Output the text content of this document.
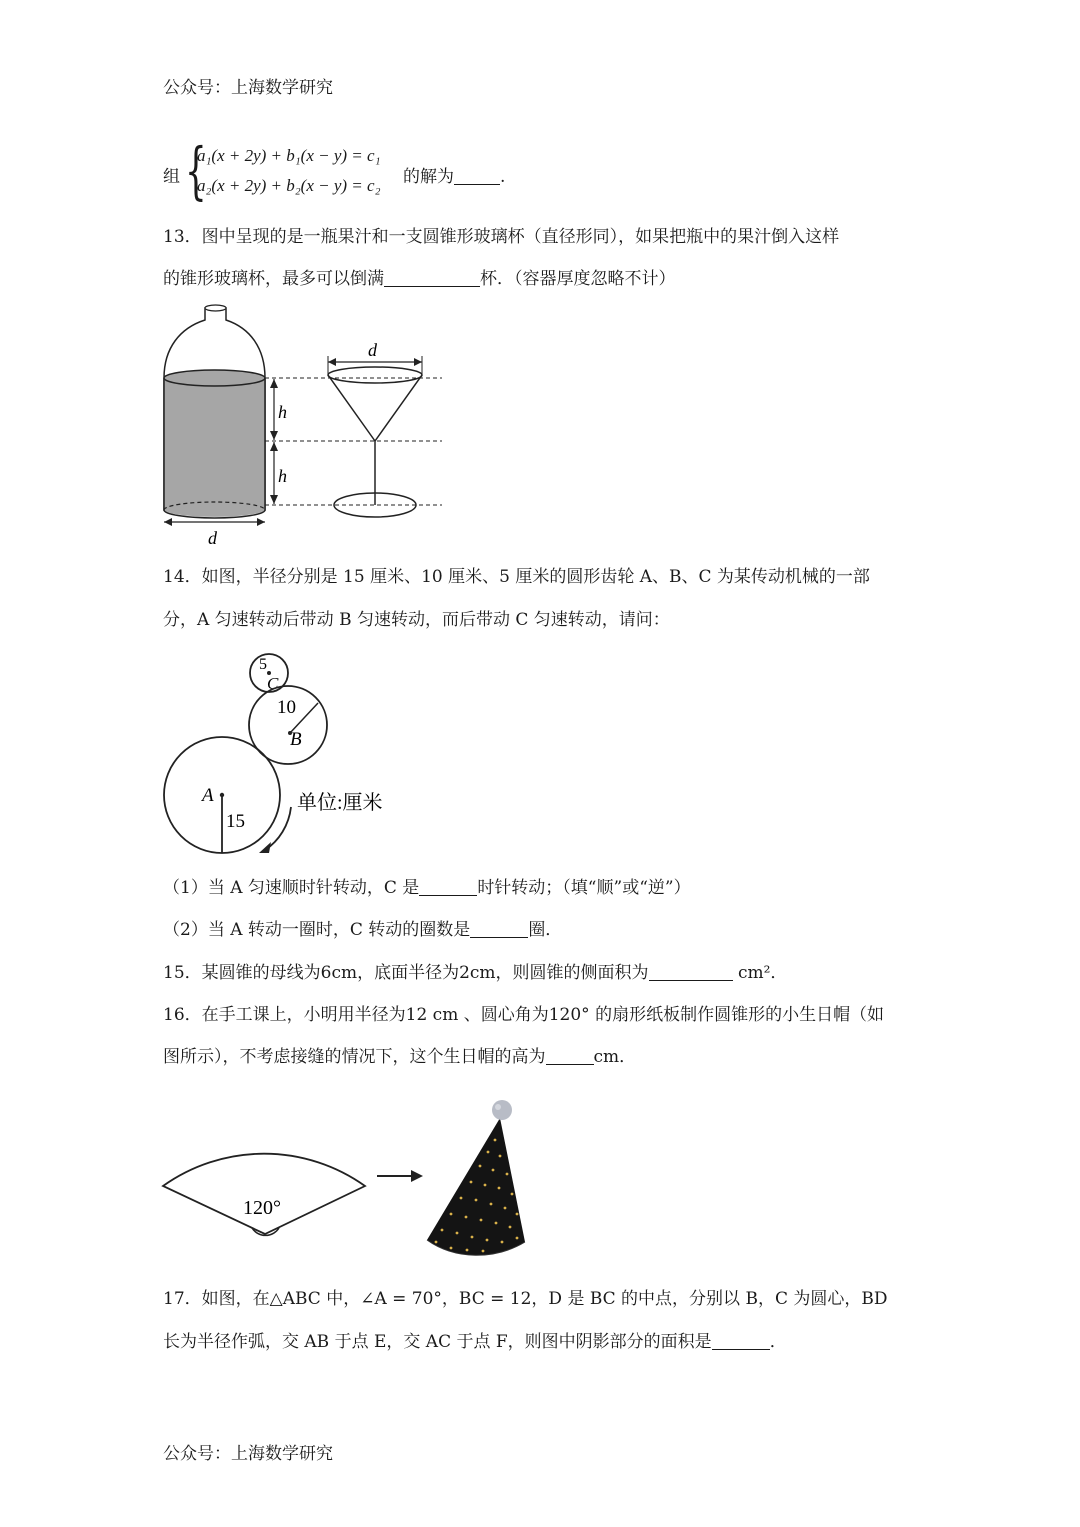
公众号：上海数学研究
组 {
a₁(x + 2y) + b₁(x − y) = c₁
a₂(x + 2y) + b₂(x − y) = c₂ 的解为	.
13．图中呈现的是一瓶果汁和一支圆锥形玻璃杯（直径形同），如果把瓶中的果汁倒入这样
的锥形玻璃杯，最多可以倒满	杯．（容器厚度忽略不计）
d
h
h
d
14．如图，半径分别是 15 厘米、10 厘米、5 厘米的圆形齿轮 A、B、C 为某传动机械的一部
分，A 匀速转动后带动 B 匀速转动，而后带动 C 匀速转动，请问：
5
C
10
B
A
15
单位:厘米
（1）当 A 匀速顺时针转动，C 是	时针转动；（填“顺”或“逆”）
（2）当 A 转动一圈时，C 转动的圈数是	圈．
15．某圆锥的母线为6cm，底面半径为2cm，则圆锥的侧面积为	cm²．
16．在手工课上，小明用半径为12 cm 、圆心角为120° 的扇形纸板制作圆锥形的小生日帽（如
图所示），不考虑接缝的情况下，这个生日帽的高为	cm．
120°
17．如图，在△ABC 中，∠A = 70°，BC = 12，D 是 BC 的中点，分别以 B，C 为圆心，BD
长为半径作弧，交 AB 于点 E，交 AC 于点 F，则图中阴影部分的面积是	．
公众号：上海数学研究
